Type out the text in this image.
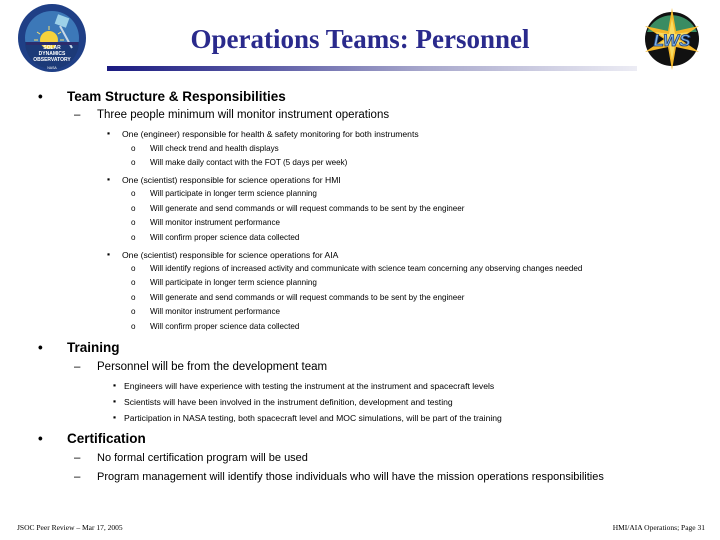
SOLAR
DYNAMICS
OBSERVATORY
NASA
LWS
Operations Teams: Personnel
• Team Structure & Responsibilities
– Three people minimum will monitor instrument operations
▪ One (engineer) responsible for health & safety monitoring for both instruments
o Will check trend and health displays
o Will make daily contact with the FOT (5 days per week)
▪ One (scientist) responsible for science operations for HMI
o Will participate in longer term science planning
o Will generate and send commands or will request commands to be sent by the engineer
o Will monitor instrument performance
o Will confirm proper science data collected
▪ One (scientist) responsible for science operations for AIA
o Will identify regions of increased activity and communicate with science team concerning any observing changes needed
o Will participate in longer term science planning
o Will generate and send commands or will request commands to be sent by the engineer
o Will monitor instrument performance
o Will confirm proper science data collected
• Training
– Personnel will be from the development team
▪ Engineers will have experience with testing the instrument at the instrument and spacecraft levels
▪ Scientists will have been involved in the instrument definition, development and testing
▪ Participation in NASA testing, both spacecraft level and MOC simulations, will be part of the training
• Certification
– No formal certification program will be used
– Program management will identify those individuals who will have the mission operations responsibilities
JSOC Peer Review – Mar 17, 2005	HMI/AIA Operations; Page 31
